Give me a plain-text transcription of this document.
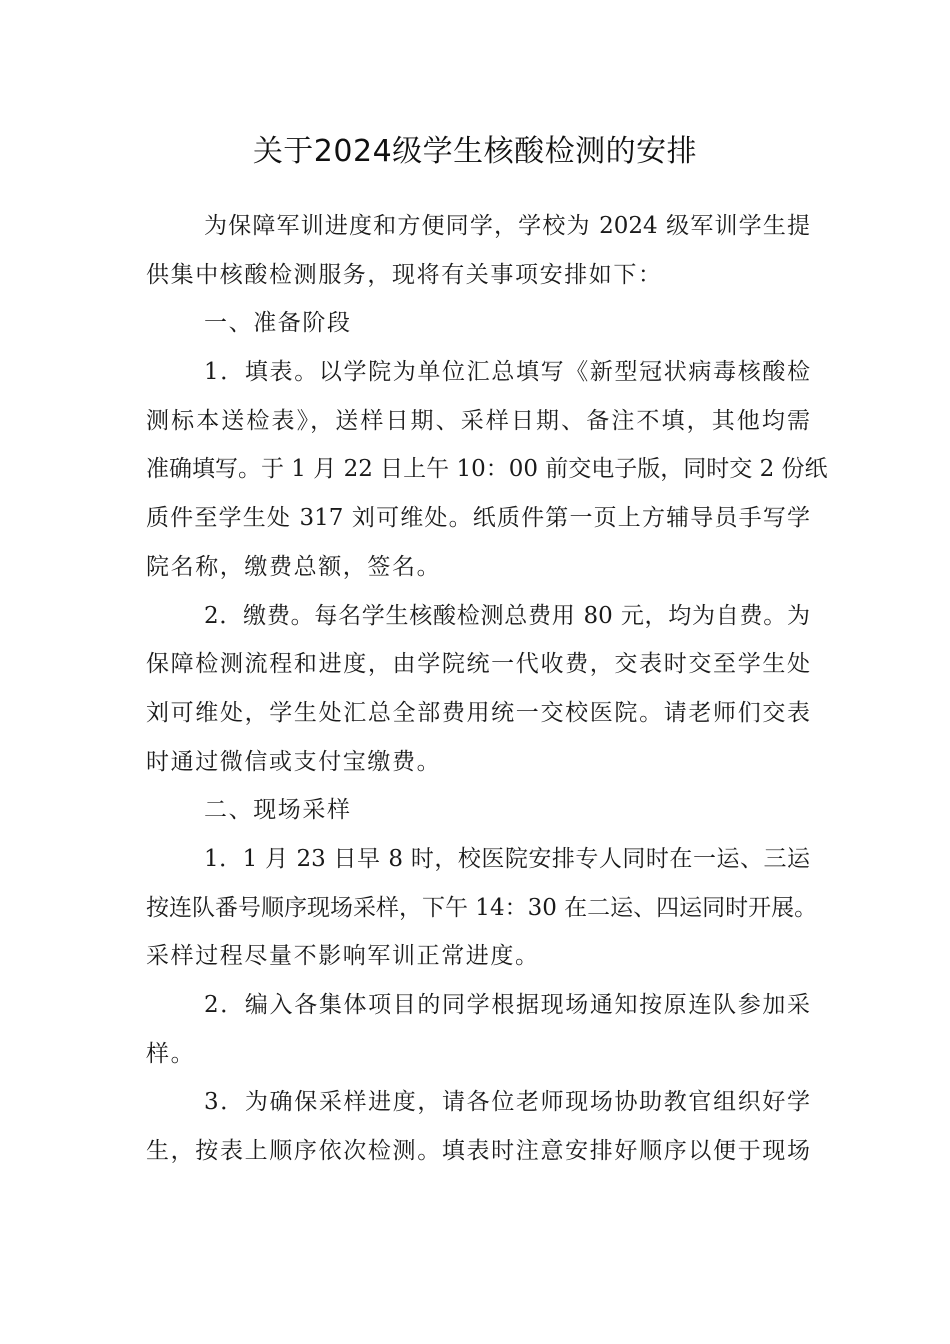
关于2024级学生核酸检测的安排
为保障军训进度和方便同学，学校为 2024 级军训学生提
供集中核酸检测服务，现将有关事项安排如下：
一、准备阶段
1．填表。以学院为单位汇总填写《新型冠状病毒核酸检
测标本送检表》，送样日期、采样日期、备注不填，其他均需
准确填写。于 1 月 22 日上午 10：00 前交电子版，同时交 2 份纸
质件至学生处 317 刘可维处。纸质件第一页上方辅导员手写学
院名称，缴费总额，签名。
2．缴费。每名学生核酸检测总费用 80 元，均为自费。为
保障检测流程和进度，由学院统一代收费，交表时交至学生处
刘可维处，学生处汇总全部费用统一交校医院。请老师们交表
时通过微信或支付宝缴费。
二、现场采样
1．1 月 23 日早 8 时，校医院安排专人同时在一运、三运
按连队番号顺序现场采样，下午 14：30 在二运、四运同时开展。
采样过程尽量不影响军训正常进度。
2．编入各集体项目的同学根据现场通知按原连队参加采
样。
3．为确保采样进度，请各位老师现场协助教官组织好学
生，按表上顺序依次检测。填表时注意安排好顺序以便于现场
